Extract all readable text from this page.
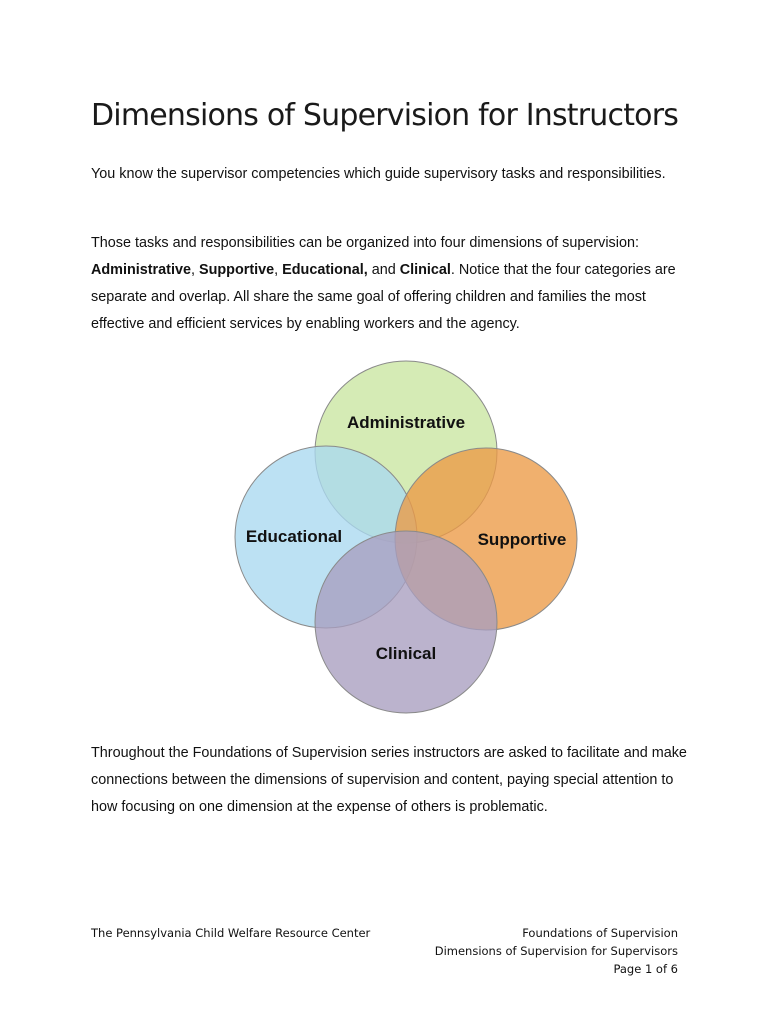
Dimensions of Supervision for Instructors

You know the supervisor competencies which guide supervisory tasks and responsibilities.

Those tasks and responsibilities can be organized into four dimensions of supervision: Administrative, Supportive, Educational, and Clinical. Notice that the four categories are separate and overlap. All share the same goal of offering children and families the most effective and efficient services by enabling workers and the agency.

Administrative
Educational	Supportive
Clinical

Throughout the Foundations of Supervision series instructors are asked to facilitate and make connections between the dimensions of supervision and content, paying special attention to how focusing on one dimension at the expense of others is problematic.

The Pennsylvania Child Welfare Resource Center	Foundations of Supervision
Dimensions of Supervision for Supervisors
Page 1 of 6
